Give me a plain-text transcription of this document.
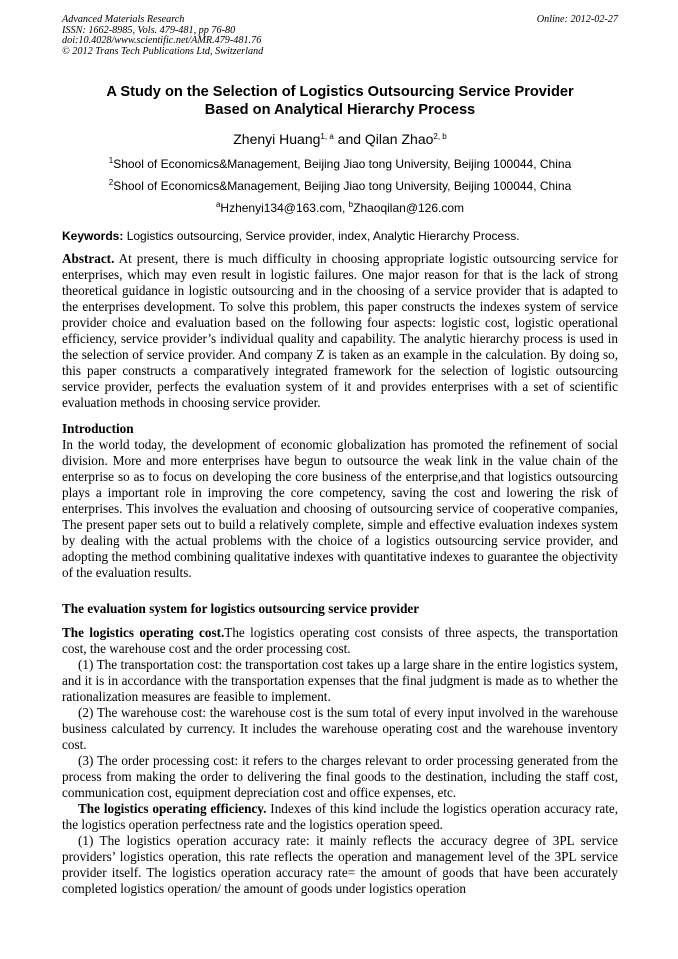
Advanced Materials Research
ISSN: 1662-8985, Vols. 479-481, pp 76-80
doi:10.4028/www.scientific.net/AMR.479-481.76
© 2012 Trans Tech Publications Ltd, Switzerland
Online: 2012-02-27
A Study on the Selection of Logistics Outsourcing Service Provider
Based on Analytical Hierarchy Process
Zhenyi Huang$^{1, a}$ and Qilan Zhao$^{2, b}$
$^1$Shool of Economics&Management, Beijing Jiao tong University, Beijing 100044, China
$^2$Shool of Economics&Management, Beijing Jiao tong University, Beijing 100044, China
$^a$Hzhenyi134@163.com, $^b$Zhaoqilan@126.com
Keywords: Logistics outsourcing, Service provider, index, Analytic Hierarchy Process.

Abstract. At present, there is much difficulty in choosing appropriate logistic outsourcing service for enterprises, which may even result in logistic failures. One major reason for that is the lack of strong theoretical guidance in logistic outsourcing and in the choosing of a service provider that is adapted to the enterprises development. To solve this problem, this paper constructs the indexes system of service provider choice and evaluation based on the following four aspects: logistic cost, logistic operational efficiency, service provider’s individual quality and capability. The analytic hierarchy process is used in the selection of service provider. And company Z is taken as an example in the calculation. By doing so, this paper constructs a comparatively integrated framework for the selection of logistic outsourcing service provider, perfects the evaluation system of it and provides enterprises with a set of scientific evaluation methods in choosing service provider.

Introduction

In the world today, the development of economic globalization has promoted the refinement of social division. More and more enterprises have begun to outsource the weak link in the value chain of the enterprise so as to focus on developing the core business of the enterprise,and that logistics outsourcing plays a important role in improving the core competency, saving the cost and lowering the risk of enterprises. This involves the evaluation and choosing of outsourcing service of cooperative companies, The present paper sets out to build a relatively complete, simple and effective evaluation indexes system by dealing with the actual problems with the choice of a logistics outsourcing service provider, and adopting the method combining qualitative indexes with quantitative indexes to guarantee the objectivity of the evaluation results.

The evaluation system for logistics outsourcing service provider

The logistics operating cost.The logistics operating cost consists of three aspects, the transportation cost, the warehouse cost and the order processing cost.

(1) The transportation cost: the transportation cost takes up a large share in the entire logistics system, and it is in accordance with the transportation expenses that the final judgment is made as to whether the rationalization measures are feasible to implement.

(2) The warehouse cost: the warehouse cost is the sum total of every input involved in the warehouse business calculated by currency. It includes the warehouse operating cost and the warehouse inventory cost.

(3) The order processing cost: it refers to the charges relevant to order processing generated from the process from making the order to delivering the final goods to the destination, including the staff cost, communication cost, equipment depreciation cost and office expenses, etc.

The logistics operating efficiency. Indexes of this kind include the logistics operation accuracy rate, the logistics operation perfectness rate and the logistics operation speed.

(1) The logistics operation accuracy rate: it mainly reflects the accuracy degree of 3PL service providers’ logistics operation, this rate reflects the operation and management level of the 3PL service provider itself. The logistics operation accuracy rate= the amount of goods that have been accurately completed logistics operation/ the amount of goods under logistics operation
